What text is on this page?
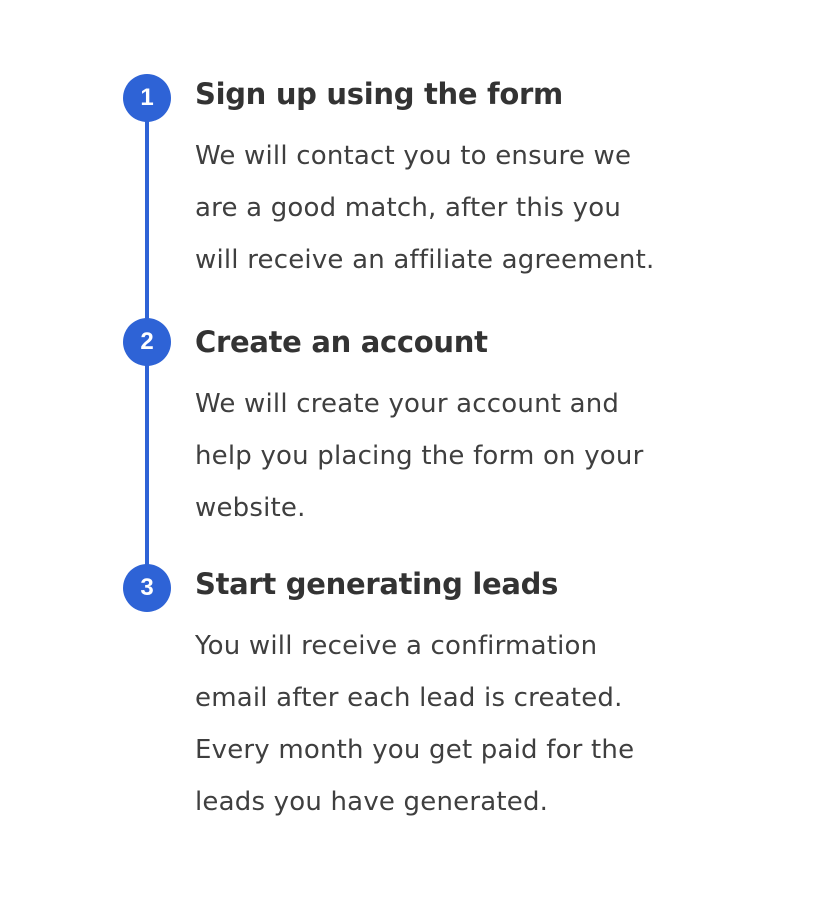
1
2
3
Sign up using the form

We will contact you to ensure we
are a good match, after this you
will receive an affiliate agreement.

Create an account

We will create your account and
help you placing the form on your
website.

Start generating leads

You will receive a confirmation
email after each lead is created.
Every month you get paid for the
leads you have generated.
